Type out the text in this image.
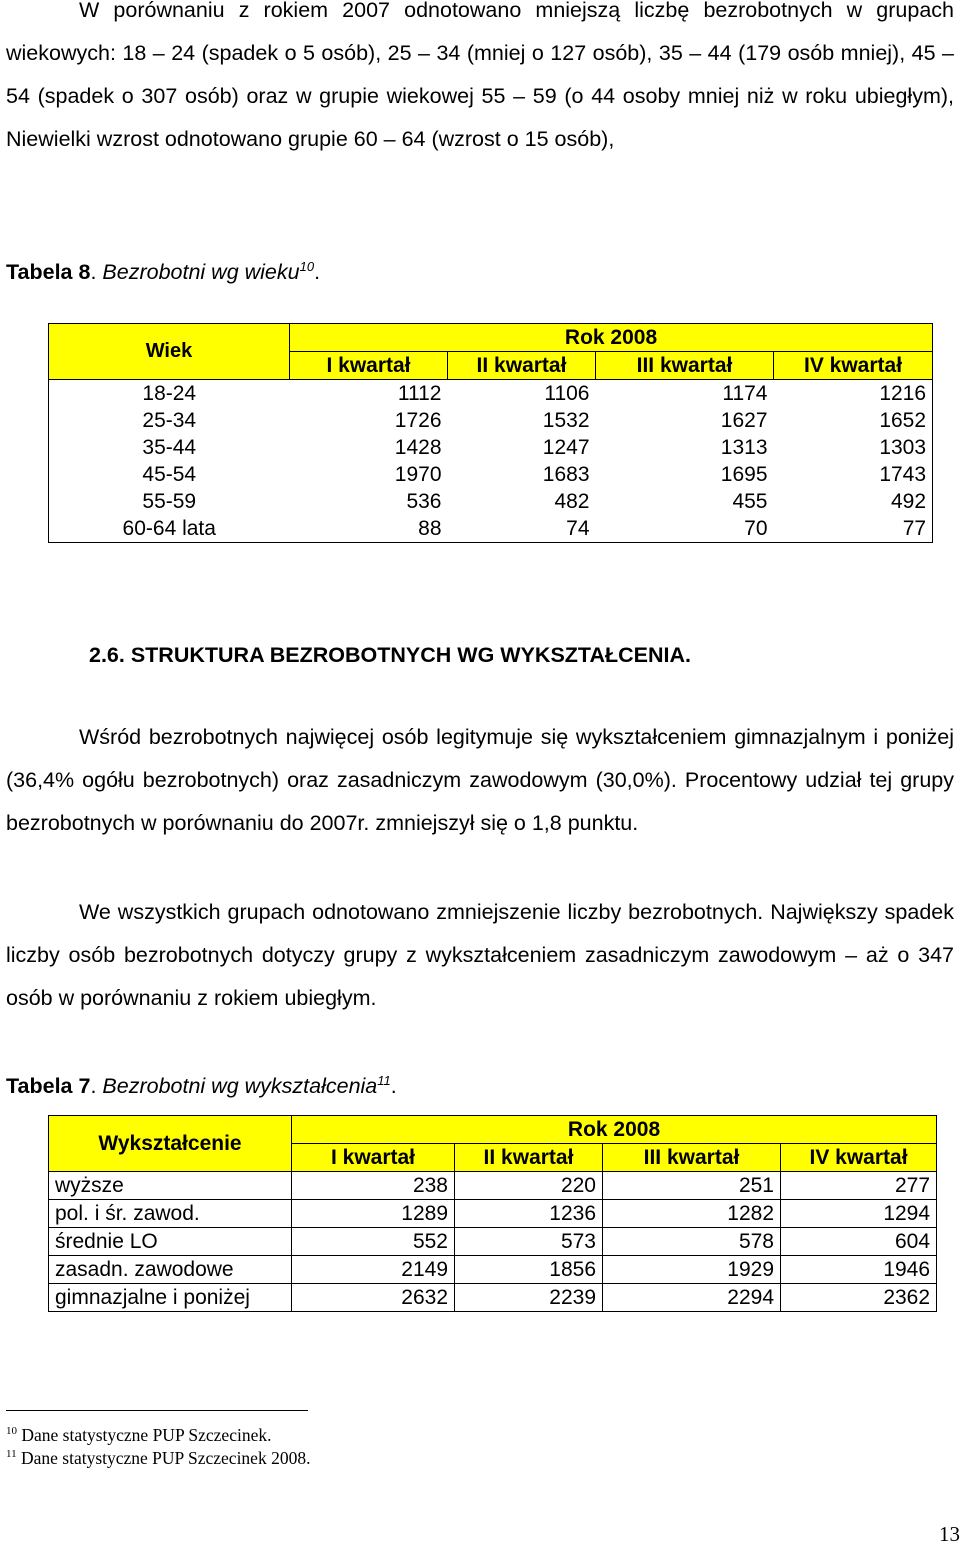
W porównaniu z rokiem 2007 odnotowano mniejszą liczbę bezrobotnych w grupach wiekowych: 18 – 24 (spadek o 5 osób), 25 – 34 (mniej o 127 osób), 35 – 44 (179 osób mniej), 45 – 54 (spadek o 307 osób) oraz w grupie wiekowej 55 – 59 (o 44 osoby mniej niż w roku ubiegłym), Niewielki wzrost odnotowano grupie 60 – 64 (wzrost o 15 osób),

Tabela 8. Bezrobotni wg wieku$^{10}$.

Wiek	Rok 2008			
	I kwartał	II kwartał	III kwartał	IV kwartał
18-24	1112	1106	1174	1216
25-34	1726	1532	1627	1652
35-44	1428	1247	1313	1303
45-54	1970	1683	1695	1743
55-59	536	482	455	492
60-64 lata	88	74	70	77

2.6. STRUKTURA BEZROBOTNYCH WG WYKSZTAŁCENIA.

Wśród bezrobotnych najwięcej osób legitymuje się wykształceniem gimnazjalnym i poniżej (36,4% ogółu bezrobotnych) oraz zasadniczym zawodowym (30,0%). Procentowy udział tej grupy bezrobotnych w porównaniu do 2007r. zmniejszył się o 1,8 punktu.

We wszystkich grupach odnotowano zmniejszenie liczby bezrobotnych. Największy spadek liczby osób bezrobotnych dotyczy grupy z wykształceniem zasadniczym zawodowym – aż o 347 osób w porównaniu z rokiem ubiegłym.

Tabela 7. Bezrobotni wg wykształcenia$^{11}$.

Wykształcenie	Rok 2008			
	I kwartał	II kwartał	III kwartał	IV kwartał
wyższe	238	220	251	277
pol. i śr. zawod.	1289	1236	1282	1294
średnie LO	552	573	578	604
zasadn. zawodowe	2149	1856	1929	1946
gimnazjalne i poniżej	2632	2239	2294	2362

$^{10}$ Dane statystyczne PUP Szczecinek.

$^{11}$ Dane statystyczne PUP Szczecinek 2008.

13
